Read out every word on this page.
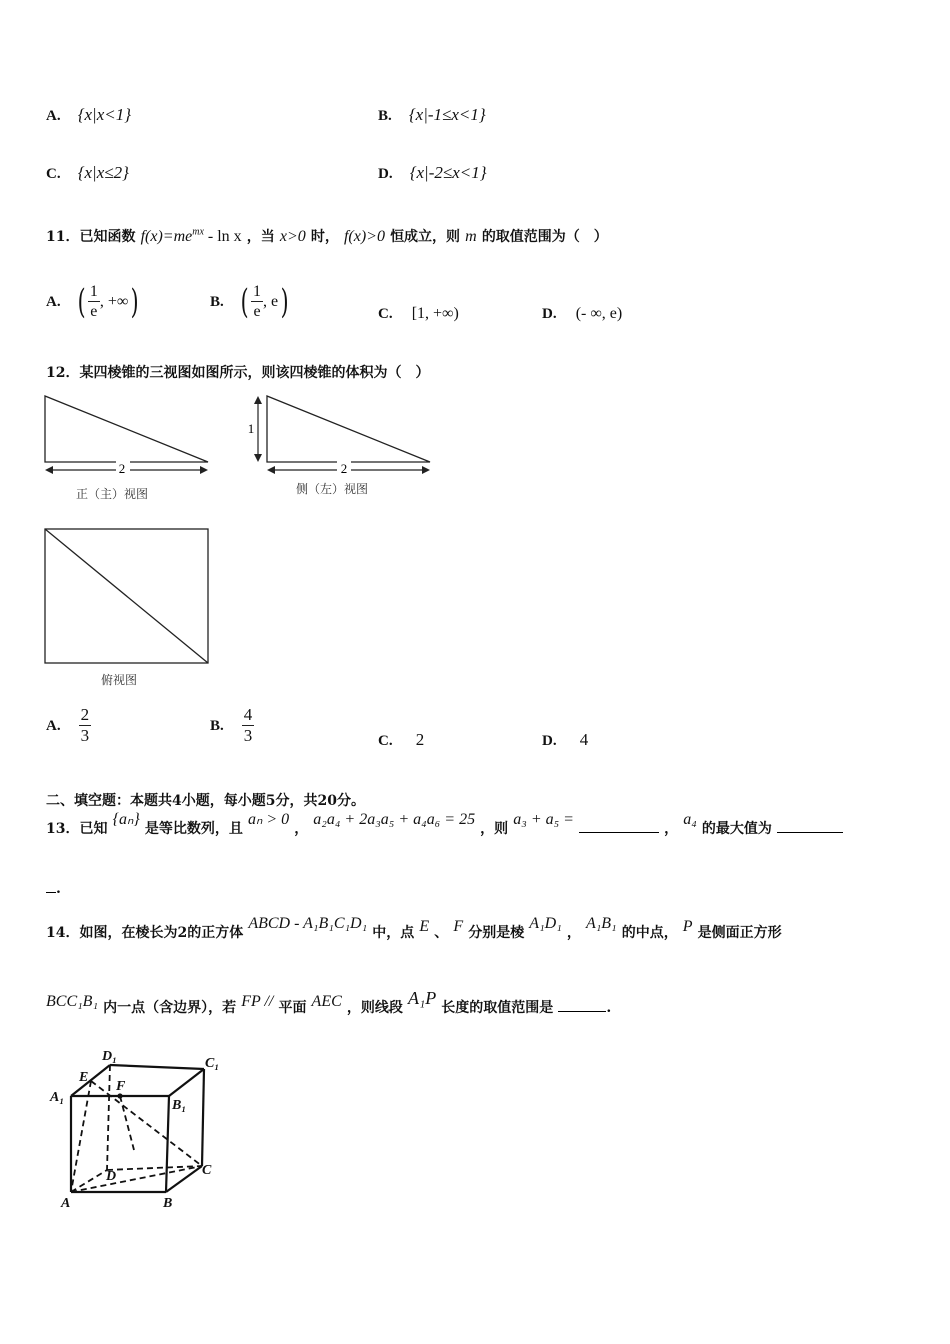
A. {x|x<1}	B. {x|-1≤x<1}
C. {x|x≤2}	D. {x|-2≤x<1}
11．已知函数 $f(x)=me^{mx} - \ln x$ ，当 x>0 时， f(x)>0 恒成立，则 m 的取值范围为（　）
A. ( $\frac{1}{e}$ , +∞ )	B. ( $\frac{1}{e}$ , e )	C. [1, +∞)	D. (- ∞, e)
12．某四棱锥的三视图如图所示，则该四棱锥的体积为（　）
2
正（主）视图
1
2
侧（左）视图
俯视图
A. $\frac{2}{3}$	B. $\frac{4}{3}$	C. 2	D. 4
二、填空题：本题共4小题，每小题5分，共20分。
13．已知 {aₙ} 是等比数列，且 aₙ > 0 ， a₂a₄ + 2a₃a₅ + a₄a₆ = 25 ，则 a₃ + a₅ =  ， a₄ 的最大值为
.
14．如图，在棱长为2的正方体 ABCD - A₁B₁C₁D₁ 中，点 E 、 F 分别是棱 A₁D₁ ， A₁B₁ 的中点， P 是侧面正方形
BCC₁B₁ 内一点（含边界），若 FP // 平面 AEC ，则线段 A₁P 长度的取值范围是	.
D₁	C₁
E
F
A₁
B₁
D	C
A	B
